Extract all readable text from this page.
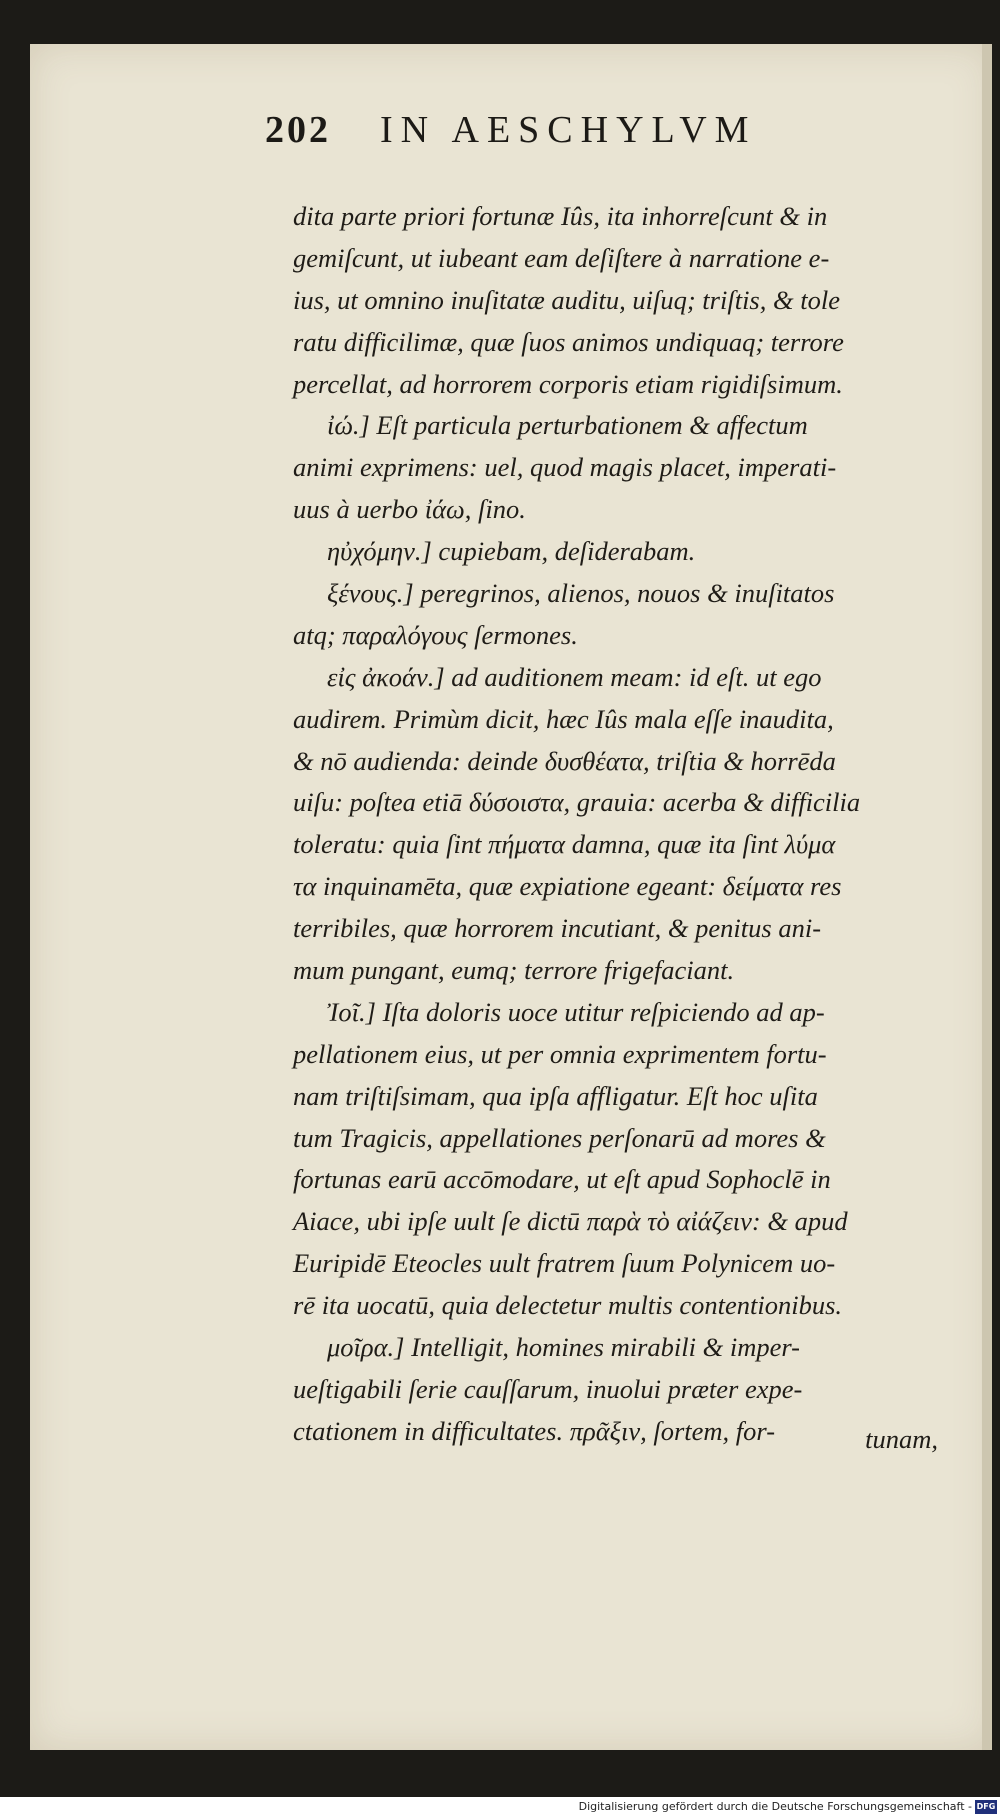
202 IN AESCHYLVM
dita parte priori fortunæ Iûs, ita inhorreſcunt & in
gemiſcunt, ut iubeant eam deſiſtere à narratione e-
ius, ut omnino inuſitatæ auditu, uiſuq; triſtis, & tole
ratu difficilimæ, quæ ſuos animos undiquaq; terrore
percellat, ad horrorem corporis etiam rigidiſsimum.
ἰώ.] Eſt particula perturbationem & affectum
animi exprimens: uel, quod magis placet, imperati-
uus à uerbo ἰάω, ſino.
ηὐχόμην.] cupiebam, deſiderabam.
ξένους.] peregrinos, alienos, nouos & inuſitatos
atq; παραλόγους ſermones.
εἰς ἀκοάν.] ad auditionem meam: id eſt. ut ego
audirem. Primùm dicit, hæc Iûs mala eſſe inaudita,
& nō audienda: deinde δυσθέατα, triſtia & horrēda
uiſu: poſtea etiā δύσοιστα, grauia: acerba & difficilia
toleratu: quia ſint πήματα damna, quæ ita ſint λύμα
τα inquinamēta, quæ expiatione egeant: δείματα res
terribiles, quæ horrorem incutiant, & penitus ani-
mum pungant, eumq; terrore frigefaciant.
Ἰοῖ.] Iſta doloris uoce utitur reſpiciendo ad ap-
pellationem eius, ut per omnia exprimentem fortu-
nam triſtiſsimam, qua ipſa affligatur. Eſt hoc uſita
tum Tragicis, appellationes perſonarū ad mores &
fortunas earū accōmodare, ut eſt apud Sophoclē in
Aiace, ubi ipſe uult ſe dictū παρὰ τὸ αἰάζειν: & apud
Euripidē Eteocles uult fratrem ſuum Polynicem uo-
rē ita uocatū, quia delectetur multis contentionibus.
μοῖρα.] Intelligit, homines mirabili & imper-
ueſtigabili ſerie cauſſarum, inuolui præter expe-
ctationem in difficultates. πρᾶξιν, ſortem, for-	tunam,
Digitalisierung gefördert durch die Deutsche Forschungsgemeinschaft - DFG
